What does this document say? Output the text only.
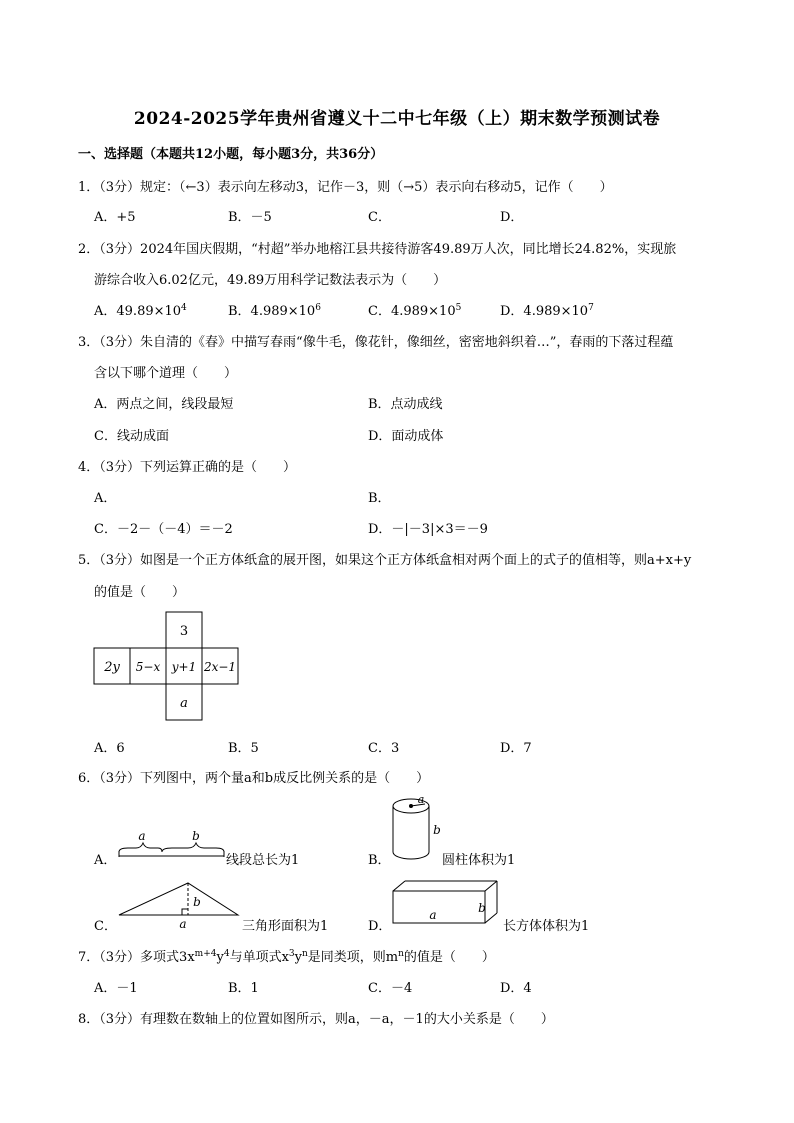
2024-2025学年贵州省遵义十二中七年级（上）期末数学预测试卷
一、选择题（本题共12小题，每小题3分，共36分）
1．（3分）规定：（←3）表示向左移动3，记作－3，则（→5）表示向右移动5，记作（　　）
A．+5	B．－5	C．	D．
2．（3分）2024年国庆假期，“村超”举办地榕江县共接待游客49.89万人次，同比增长24.82%，实现旅
游综合收入6.02亿元，49.89万用科学记数法表示为（　　）
A．$49.89\times 10^4$	B．$4.989\times 10^6$	C．$4.989\times 10^5$	D．$4.989\times 10^7$
3．（3分）朱自清的《春》中描写春雨“像牛毛，像花针，像细丝，密密地斜织着…”，春雨的下落过程蕴
含以下哪个道理（　　）
A．两点之间，线段最短	B．点动成线
C．线动成面	D．面动成体
4．（3分）下列运算正确的是（　　）
A．	B．
C．－2－（－4）＝－2	D．－|－3|×3＝－9
5．（3分）如图是一个正方体纸盒的展开图，如果这个正方体纸盒相对两个面上的式子的值相等，则a+x+y
的值是（　　）
3
2y 5−x y+1 2x−1
a
A．6	B．5	C．3	D．7
6．（3分）下列图中，两个量a和b成反比例关系的是（　　）
A．
a	b
线段总长为1	B．
a
b
圆柱体积为1
C．
b
a	三角形面积为1	D．
a	b
长方体体积为1
7．（3分）多项式$3x^{m+4}y^4$与单项式$x^3y^n$是同类项，则$m^n$的值是（　　）
A．－1	B．1	C．－4	D．4
8．（3分）有理数在数轴上的位置如图所示，则a，－a，－1的大小关系是（　　）
